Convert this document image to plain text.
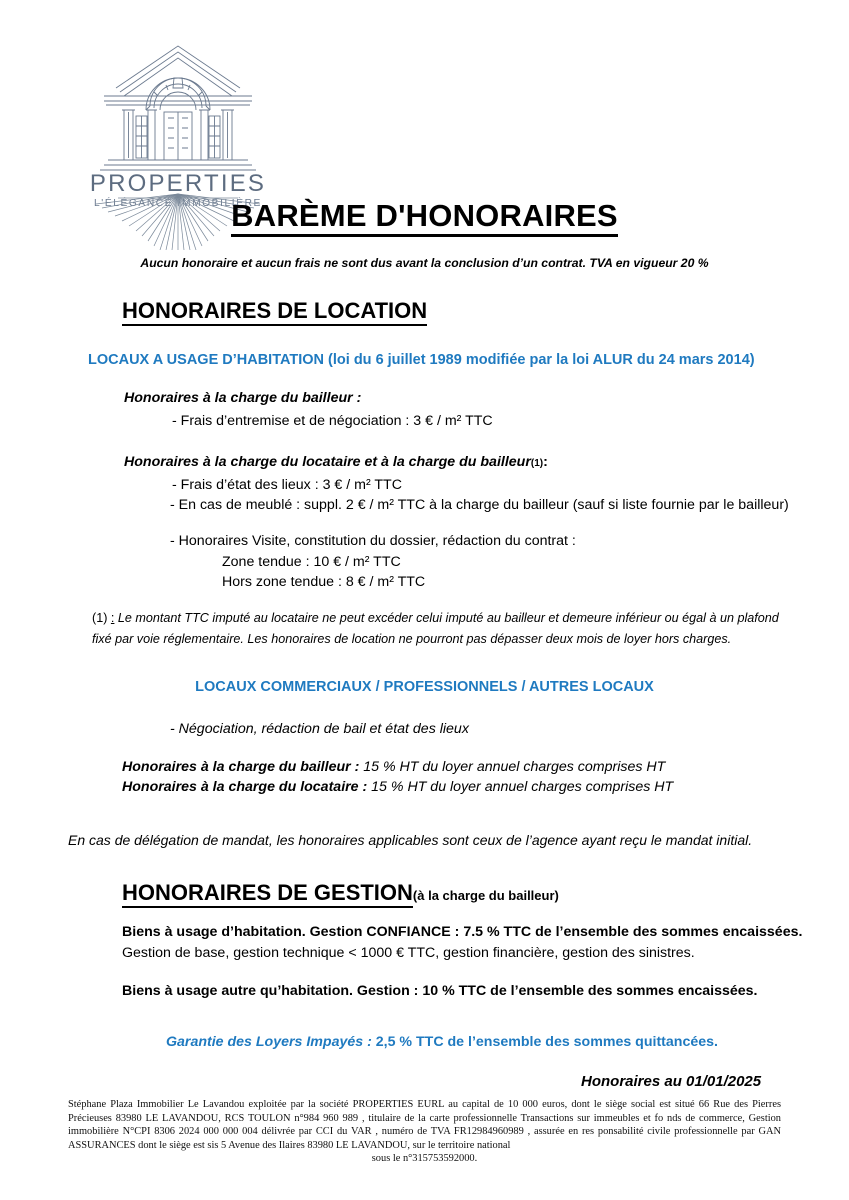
PROPERTIES
L'ÉLÉGANCE IMMOBILIÈRE
BARÈME D'HONORAIRES
Aucun honoraire et aucun frais ne sont dus avant la conclusion d’un contrat. TVA en vigueur 20 %
HONORAIRES DE LOCATION
LOCAUX A USAGE D’HABITATION (loi du 6 juillet 1989 modifiée par la loi ALUR du 24 mars 2014)
Honoraires à la charge du bailleur :
- Frais d’entremise et de négociation : 3 € / m² TTC
Honoraires à la charge du locataire et à la charge du bailleur(1):
- Frais d’état des lieux : 3 € / m² TTC
- En cas de meublé : suppl. 2 € / m² TTC à la charge du bailleur (sauf si liste fournie par le bailleur)
- Honoraires Visite, constitution du dossier, rédaction du contrat :
Zone tendue : 10 € / m² TTC
Hors zone tendue : 8 € / m² TTC
(1) : Le montant TTC imputé au locataire ne peut excéder celui imputé au bailleur et demeure inférieur ou égal à un plafond fixé par voie réglementaire. Les honoraires de location ne pourront pas dépasser deux mois de loyer hors charges.
LOCAUX COMMERCIAUX / PROFESSIONNELS / AUTRES LOCAUX
- Négociation, rédaction de bail et état des lieux
Honoraires à la charge du bailleur : 15 % HT du loyer annuel charges comprises HT
Honoraires à la charge du locataire : 15 % HT du loyer annuel charges comprises HT
En cas de délégation de mandat, les honoraires applicables sont ceux de l’agence ayant reçu le mandat initial.
HONORAIRES DE GESTION(à la charge du bailleur)
Biens à usage d’habitation. Gestion CONFIANCE : 7.5 % TTC de l’ensemble des sommes encaissées.
Gestion de base, gestion technique < 1000 € TTC, gestion financière, gestion des sinistres.
Biens à usage autre qu’habitation. Gestion : 10 % TTC de l’ensemble des sommes encaissées.
Garantie des Loyers Impayés : 2,5 % TTC de l’ensemble des sommes quittancées.
Honoraires au 01/01/2025
Stéphane Plaza Immobilier Le Lavandou exploitée par la société PROPERTIES EURL au capital de 10 000 euros, dont le siège social est situé 66 Rue des Pierres Précieuses 83980 LE LAVANDOU, RCS TOULON n°984 960 989 , titulaire de la carte professionnelle Transactions sur immeubles et fo nds de commerce, Gestion immobilière N°CPI 8306 2024 000 000 004 délivrée par CCI du VAR , numéro de TVA FR12984960989 , assurée en res ponsabilité civile professionnelle par GAN ASSURANCES dont le siège est sis 5 Avenue des Ilaires 83980 LE LAVANDOU, sur le territoire national
sous le n°315753592000.
